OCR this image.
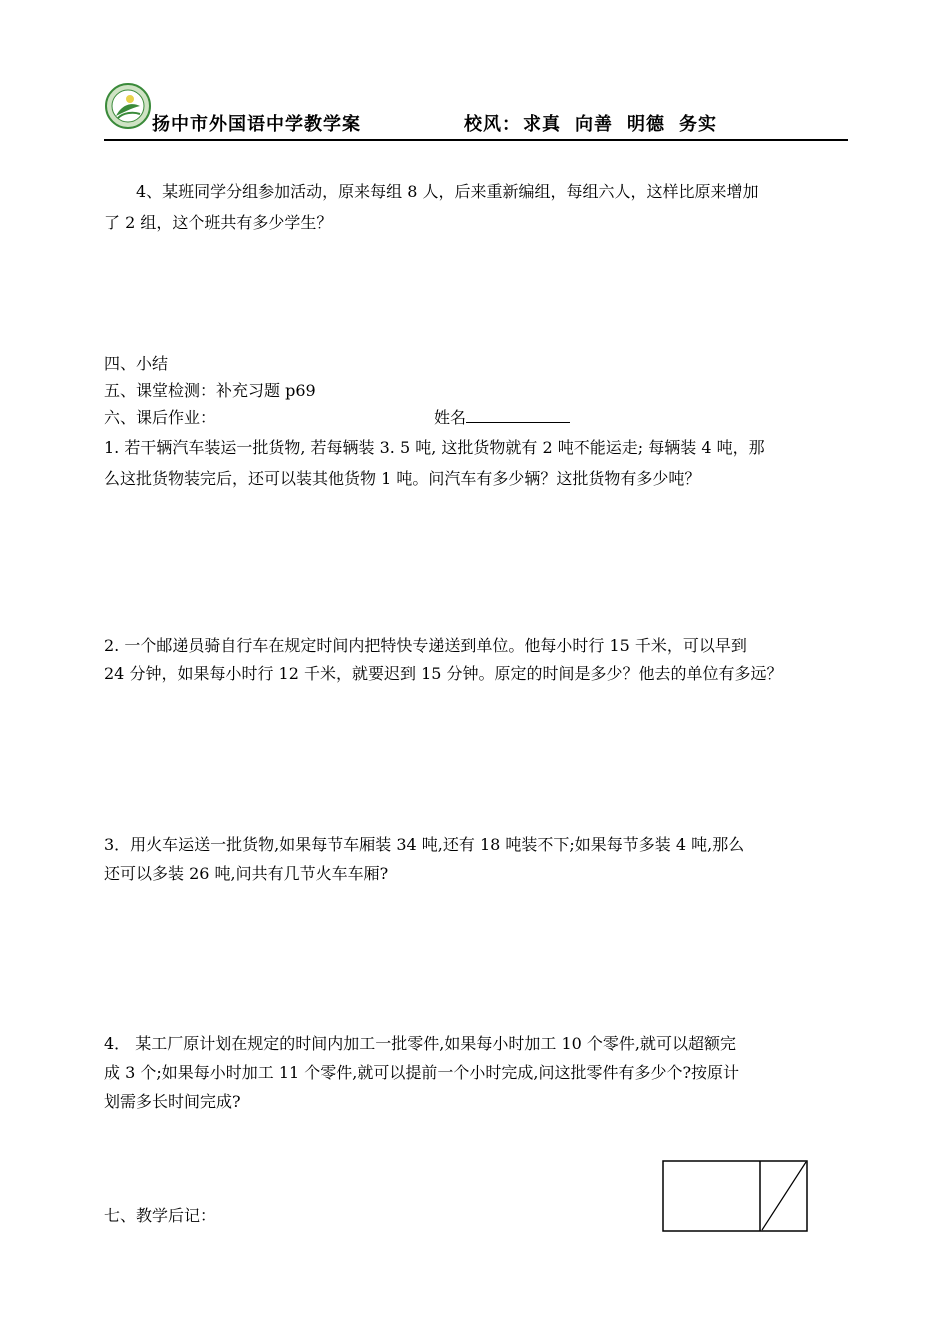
扬中市外国语中学教学案	校风： 求真 向善 明德 务实

4、某班同学分组参加活动，原来每组 8 人，后来重新编组，每组六人，这样比原来增加

了 2 组，这个班共有多少学生？

四、小结

五、课堂检测：补充习题 p69

六、课后作业：	姓名

1. 若干辆汽车装运一批货物, 若每辆装 3. 5 吨, 这批货物就有 2 吨不能运走; 每辆装 4 吨，那

么这批货物装完后，还可以装其他货物 1 吨。问汽车有多少辆？这批货物有多少吨？

2. 一个邮递员骑自行车在规定时间内把特快专递送到单位。他每小时行 15 千米，可以早到

24 分钟，如果每小时行 12 千米，就要迟到 15 分钟。原定的时间是多少？他去的单位有多远？

3．用火车运送一批货物,如果每节车厢装 34 吨,还有 18 吨装不下;如果每节多装 4 吨,那么

还可以多装 26 吨,问共有几节火车车厢?

4． 某工厂原计划在规定的时间内加工一批零件,如果每小时加工 10 个零件,就可以超额完

成 3 个;如果每小时加工 11 个零件,就可以提前一个小时完成,问这批零件有多少个?按原计

划需多长时间完成?

七、教学后记：
